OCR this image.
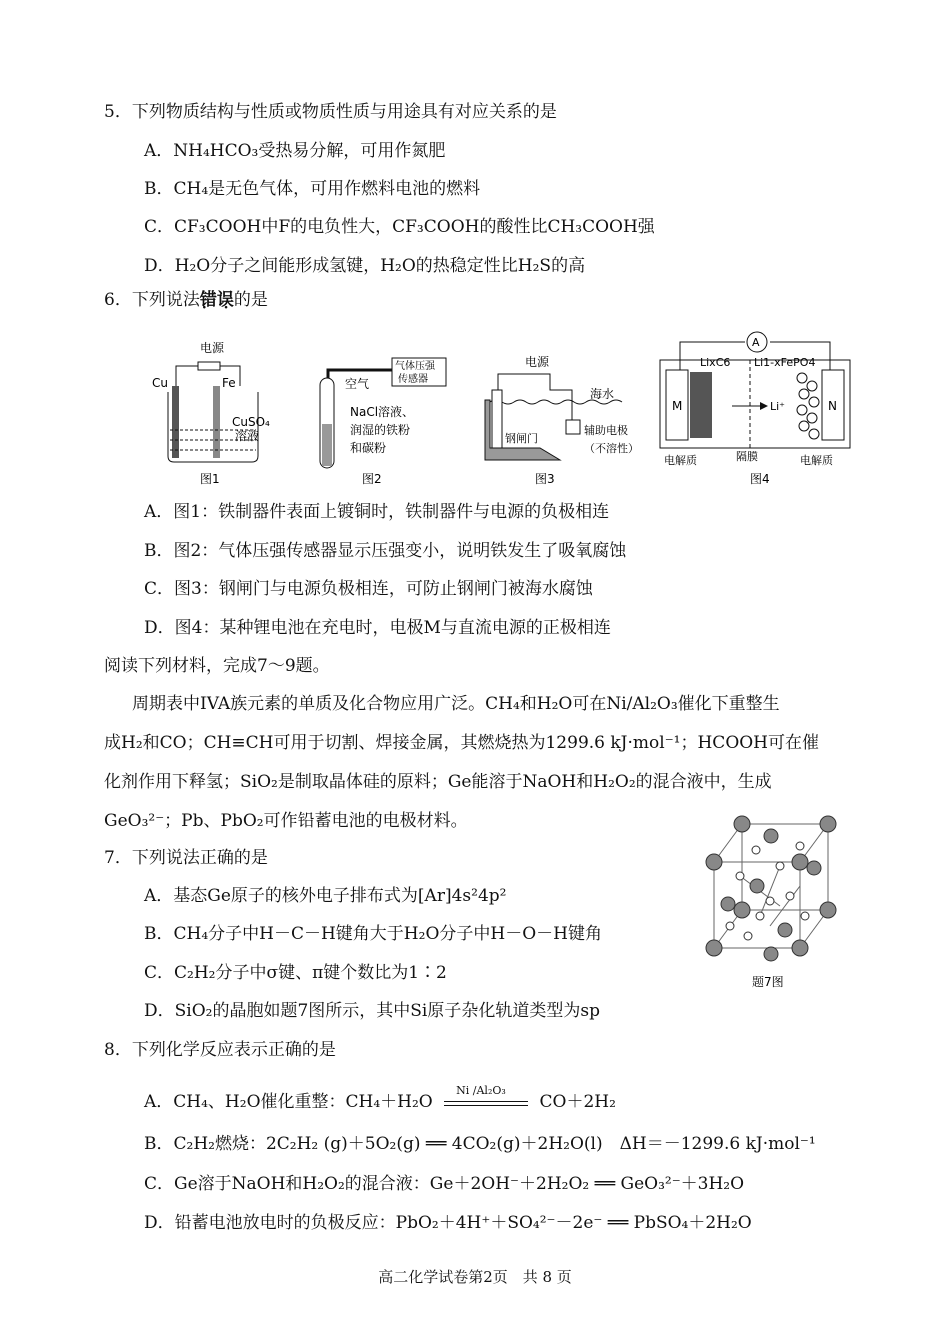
5．下列物质结构与性质或物质性质与用途具有对应关系的是
A．NH₄HCO₃受热易分解，可用作氮肥
B．CH₄是无色气体，可用作燃料电池的燃料
C．CF₃COOH中F的电负性大，CF₃COOH的酸性比CH₃COOH强
D．H₂O分子之间能形成氢键，H₂O的热稳定性比H₂S的高
6．下列说法错误 · ·的是
电源
Cu	Fe
CuSO₄
溶液
图1
气体压强
传感器
空气
NaCl溶液、
润湿的铁粉
和碳粉
图2
电源
海水
钢闸门
辅助电极
（不溶性）
图3
A
LixC6 Li1-xFePO4
M	N
Li⁺
电解质	隔膜	电解质
图4
A．图1：铁制器件表面上镀铜时，铁制器件与电源的负极相连
B．图2：气体压强传感器显示压强变小，说明铁发生了吸氧腐蚀
C．图3：钢闸门与电源负极相连，可防止钢闸门被海水腐蚀
D．图4：某种锂电池在充电时，电极M与直流电源的正极相连
阅读下列材料，完成7～9题。
周期表中IVA族元素的单质及化合物应用广泛。CH₄和H₂O可在Ni/Al₂O₃催化下重整生
成H₂和CO；CH≡CH可用于切割、焊接金属，其燃烧热为1299.6 kJ·mol⁻¹；HCOOH可在催
化剂作用下释氢；SiO₂是制取晶体硅的原料；Ge能溶于NaOH和H₂O₂的混合液中，生成
GeO₃²⁻；Pb、PbO₂可作铅蓄电池的电极材料。
7．下列说法正确的是
A．基态Ge原子的核外电子排布式为[Ar]4s²4p²
B．CH₄分子中H－C－H键角大于H₂O分子中H－O－H键角
C．C₂H₂分子中σ键、π键个数比为1∶2
D．SiO₂的晶胞如题7图所示，其中Si原子杂化轨道类型为sp
题7图
8．下列化学反应表示正确的是
A．CH₄、H₂O催化重整：CH₄＋H₂O
Ni /Al₂O₃
CO＋2H₂
B．C₂H₂燃烧：2C₂H₂ (g)＋5O₂(g) ══ 4CO₂(g)＋2H₂O(l)　ΔH＝－1299.6 kJ·mol⁻¹
C．Ge溶于NaOH和H₂O₂的混合液：Ge＋2OH⁻＋2H₂O₂ ══ GeO₃²⁻＋3H₂O
D．铅蓄电池放电时的负极反应：PbO₂＋4H⁺＋SO₄²⁻－2e⁻ ══ PbSO₄＋2H₂O
高二化学试卷第2页　共 8 页
